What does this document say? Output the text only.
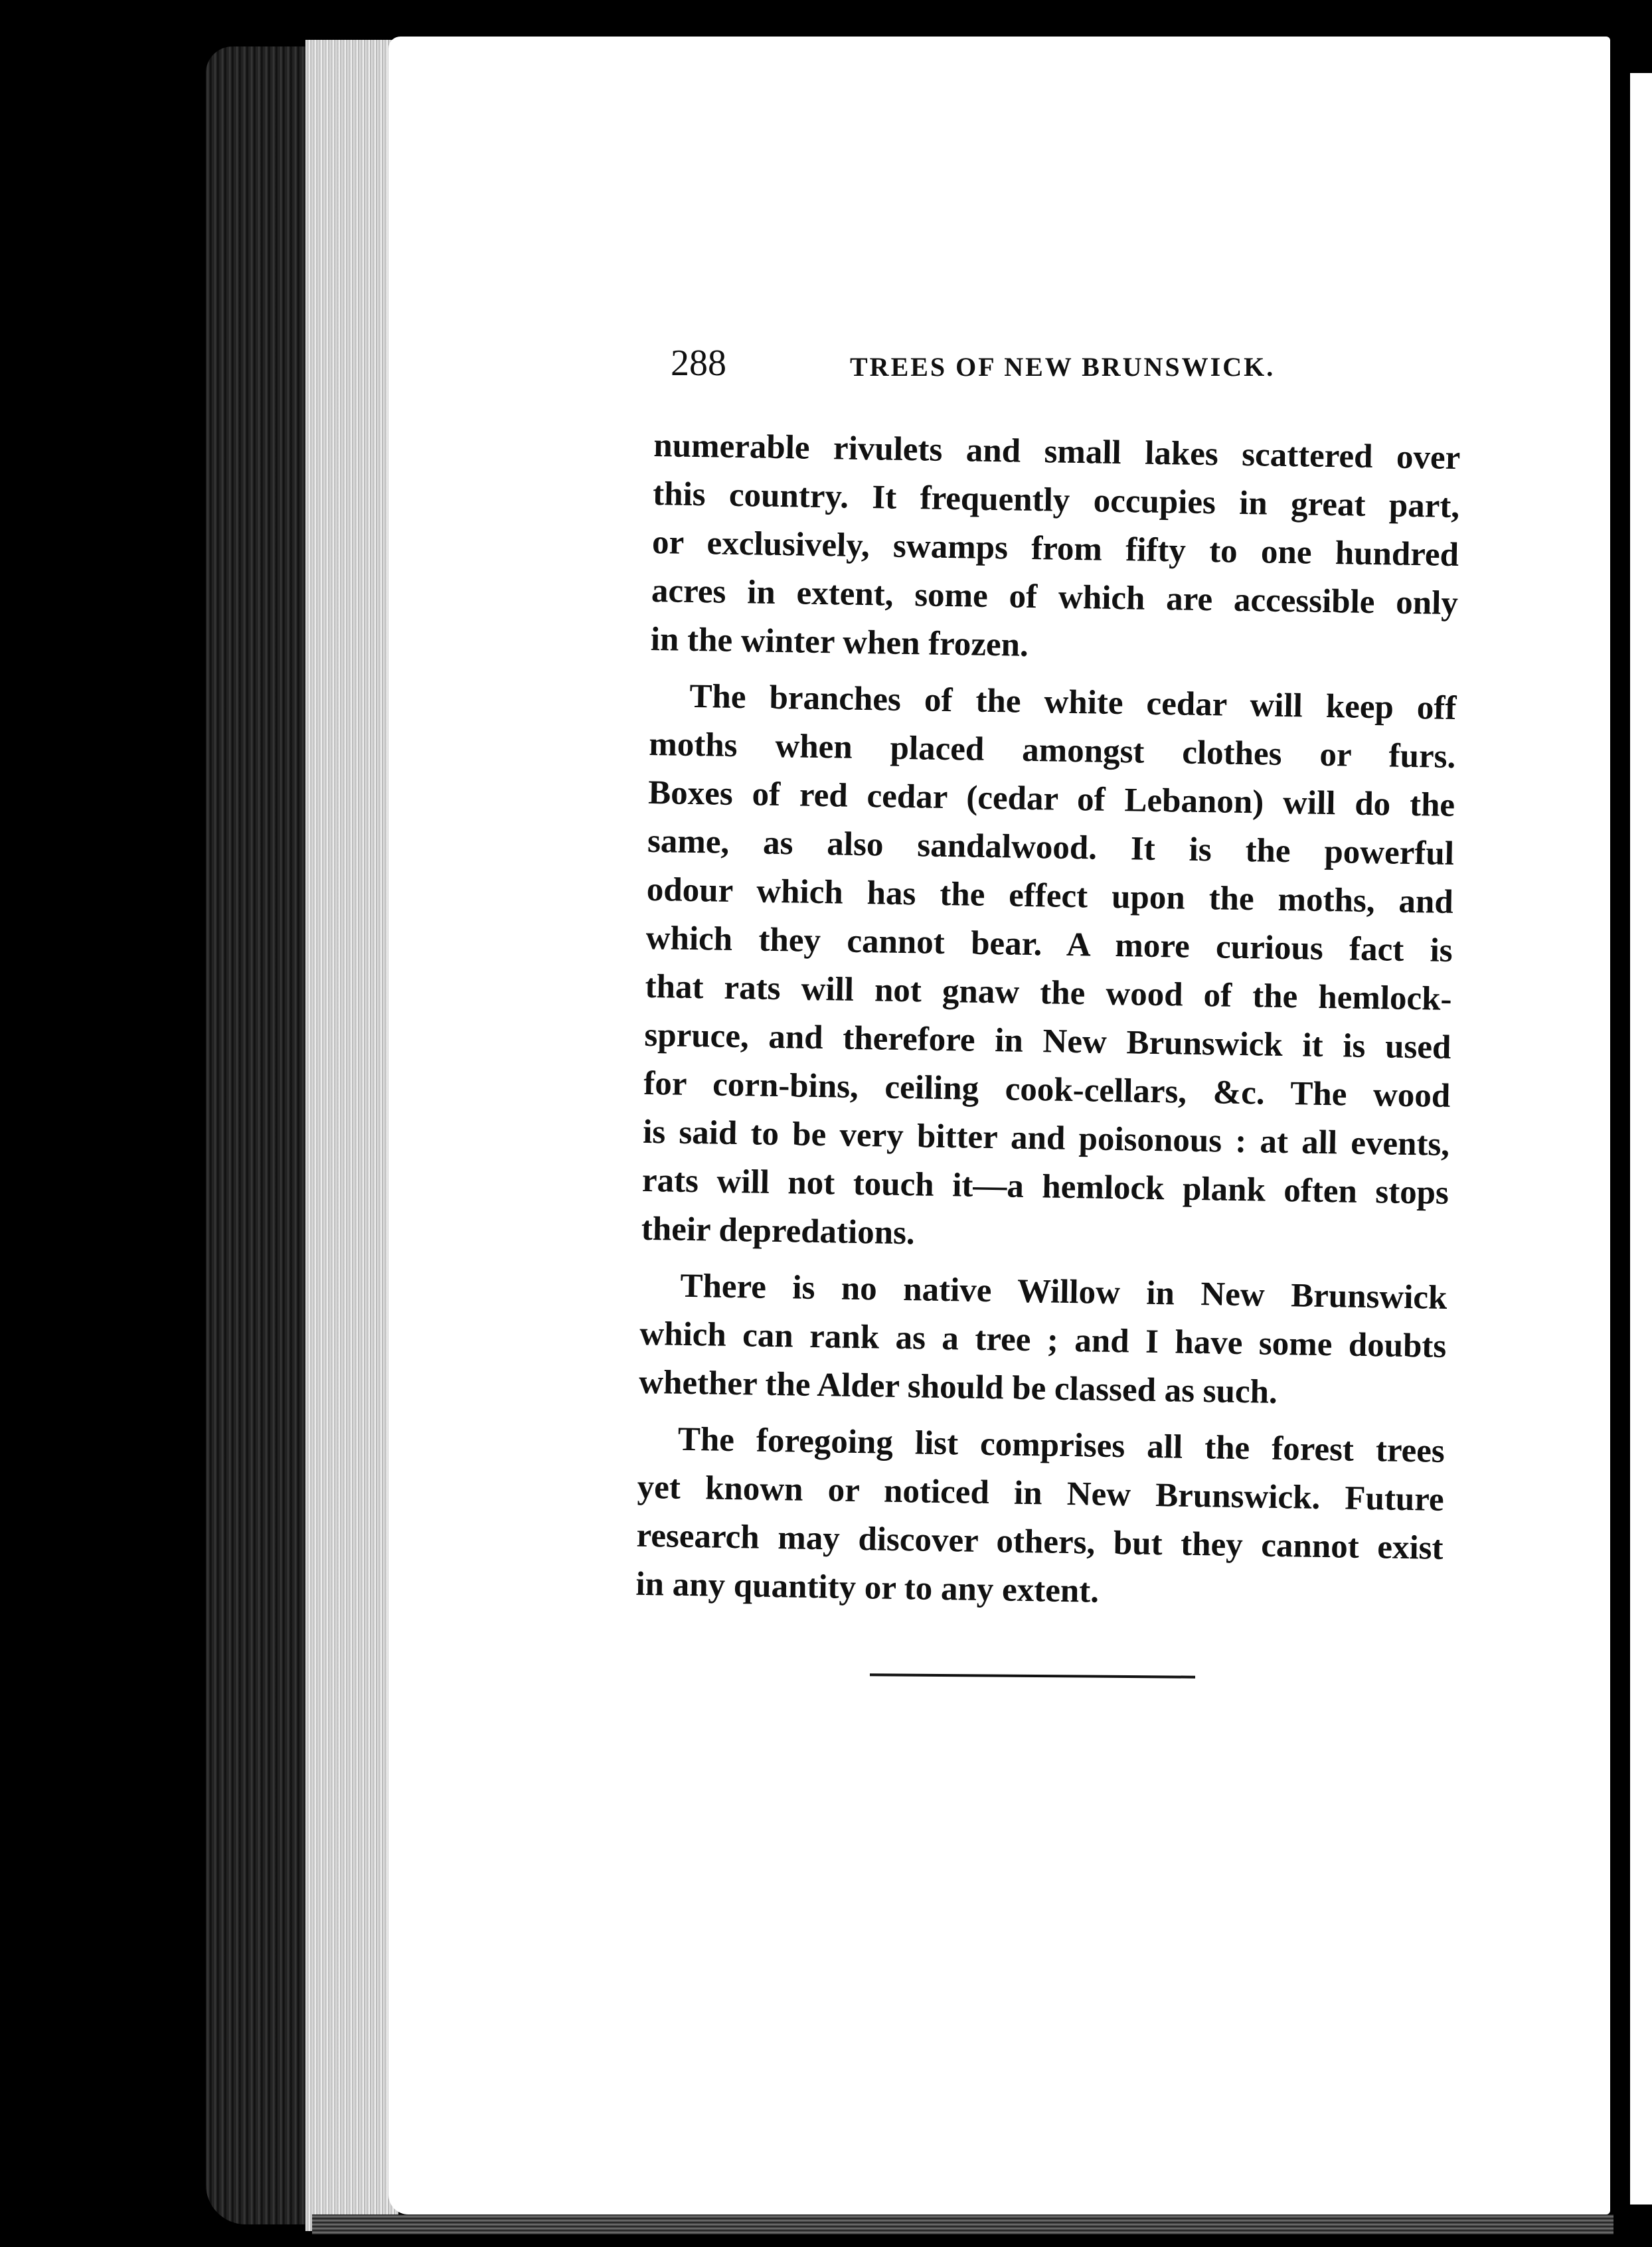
288	TREES OF NEW BRUNSWICK.

numerable rivulets and small lakes scattered over
this country. It frequently occupies in great part,
or exclusively, swamps from fifty to one hundred
acres in extent, some of which are accessible only
in the winter when frozen.

The branches of the white cedar will keep off
moths when placed amongst clothes or furs.
Boxes of red cedar (cedar of Lebanon) will do the
same, as also sandalwood. It is the powerful
odour which has the effect upon the moths, and
which they cannot bear. A more curious fact is
that rats will not gnaw the wood of the hemlock-
spruce, and therefore in New Brunswick it is used
for corn-bins, ceiling cook-cellars, &c. The wood
is said to be very bitter and poisonous : at all events,
rats will not touch it—a hemlock plank often stops
their depredations.

There is no native Willow in New Brunswick
which can rank as a tree ; and I have some doubts
whether the Alder should be classed as such.

The foregoing list comprises all the forest trees
yet known or noticed in New Brunswick. Future
research may discover others, but they cannot exist
in any quantity or to any extent.
